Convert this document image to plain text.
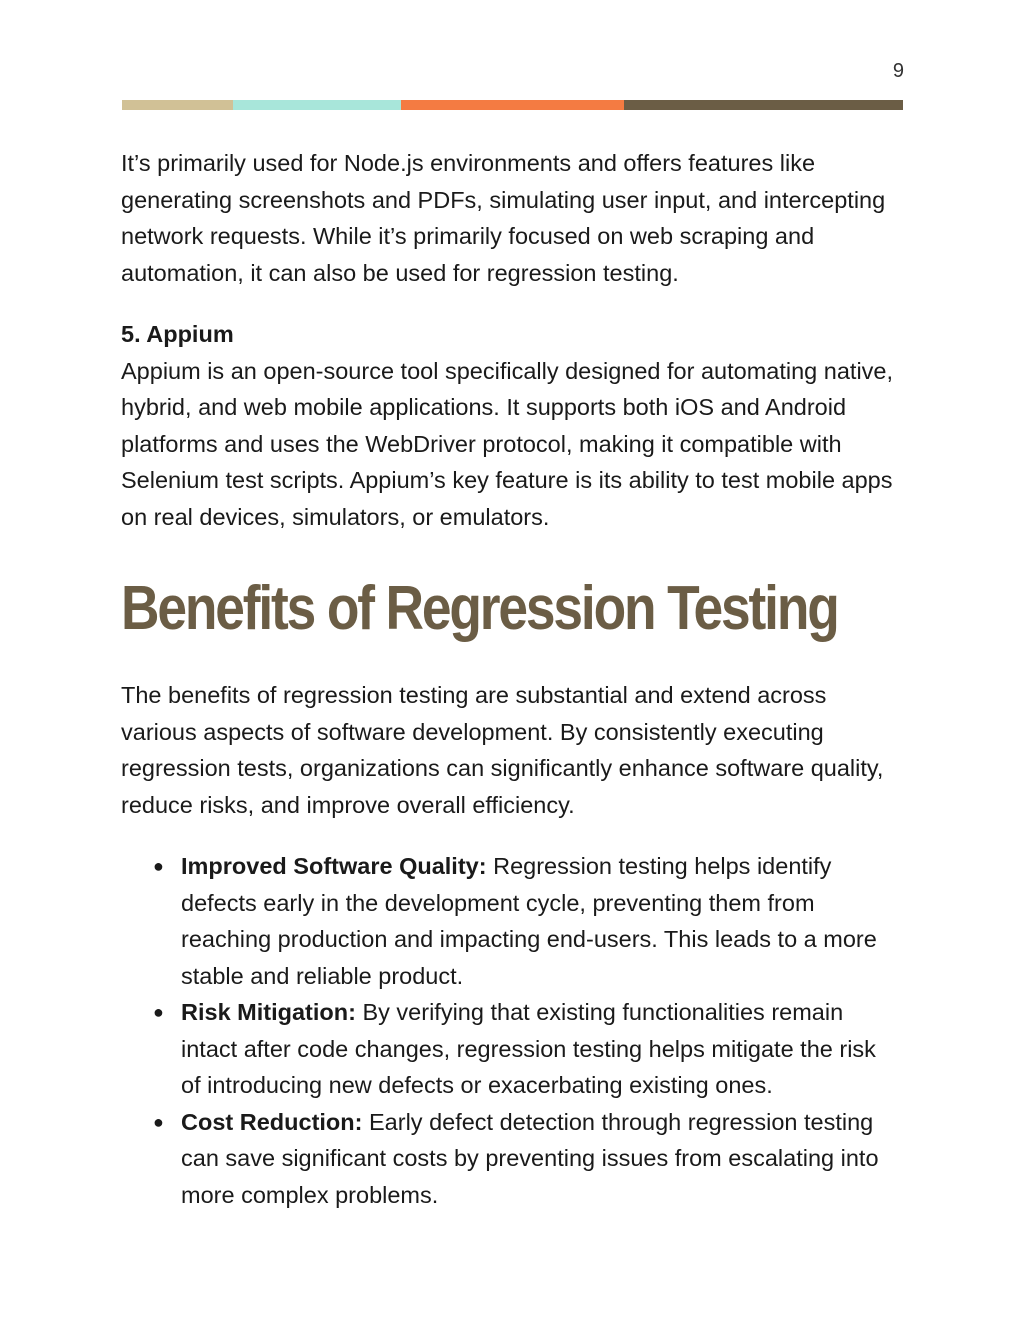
9

It’s primarily used for Node.js environments and offers features like generating screenshots and PDFs, simulating user input, and intercepting network requests. While it’s primarily focused on web scraping and automation, it can also be used for regression testing.

5. Appium

Appium is an open-source tool specifically designed for automating native, hybrid, and web mobile applications. It supports both iOS and Android platforms and uses the WebDriver protocol, making it compatible with Selenium test scripts. Appium’s key feature is its ability to test mobile apps on real devices, simulators, or emulators.

Benefits of Regression Testing

The benefits of regression testing are substantial and extend across various aspects of software development. By consistently executing regression tests, organizations can significantly enhance software quality, reduce risks, and improve overall efficiency.

● Improved Software Quality: Regression testing helps identify defects early in the development cycle, preventing them from reaching production and impacting end-users. This leads to a more stable and reliable product.
● Risk Mitigation: By verifying that existing functionalities remain intact after code changes, regression testing helps mitigate the risk of introducing new defects or exacerbating existing ones.
● Cost Reduction: Early defect detection through regression testing can save significant costs by preventing issues from escalating into more complex problems.
